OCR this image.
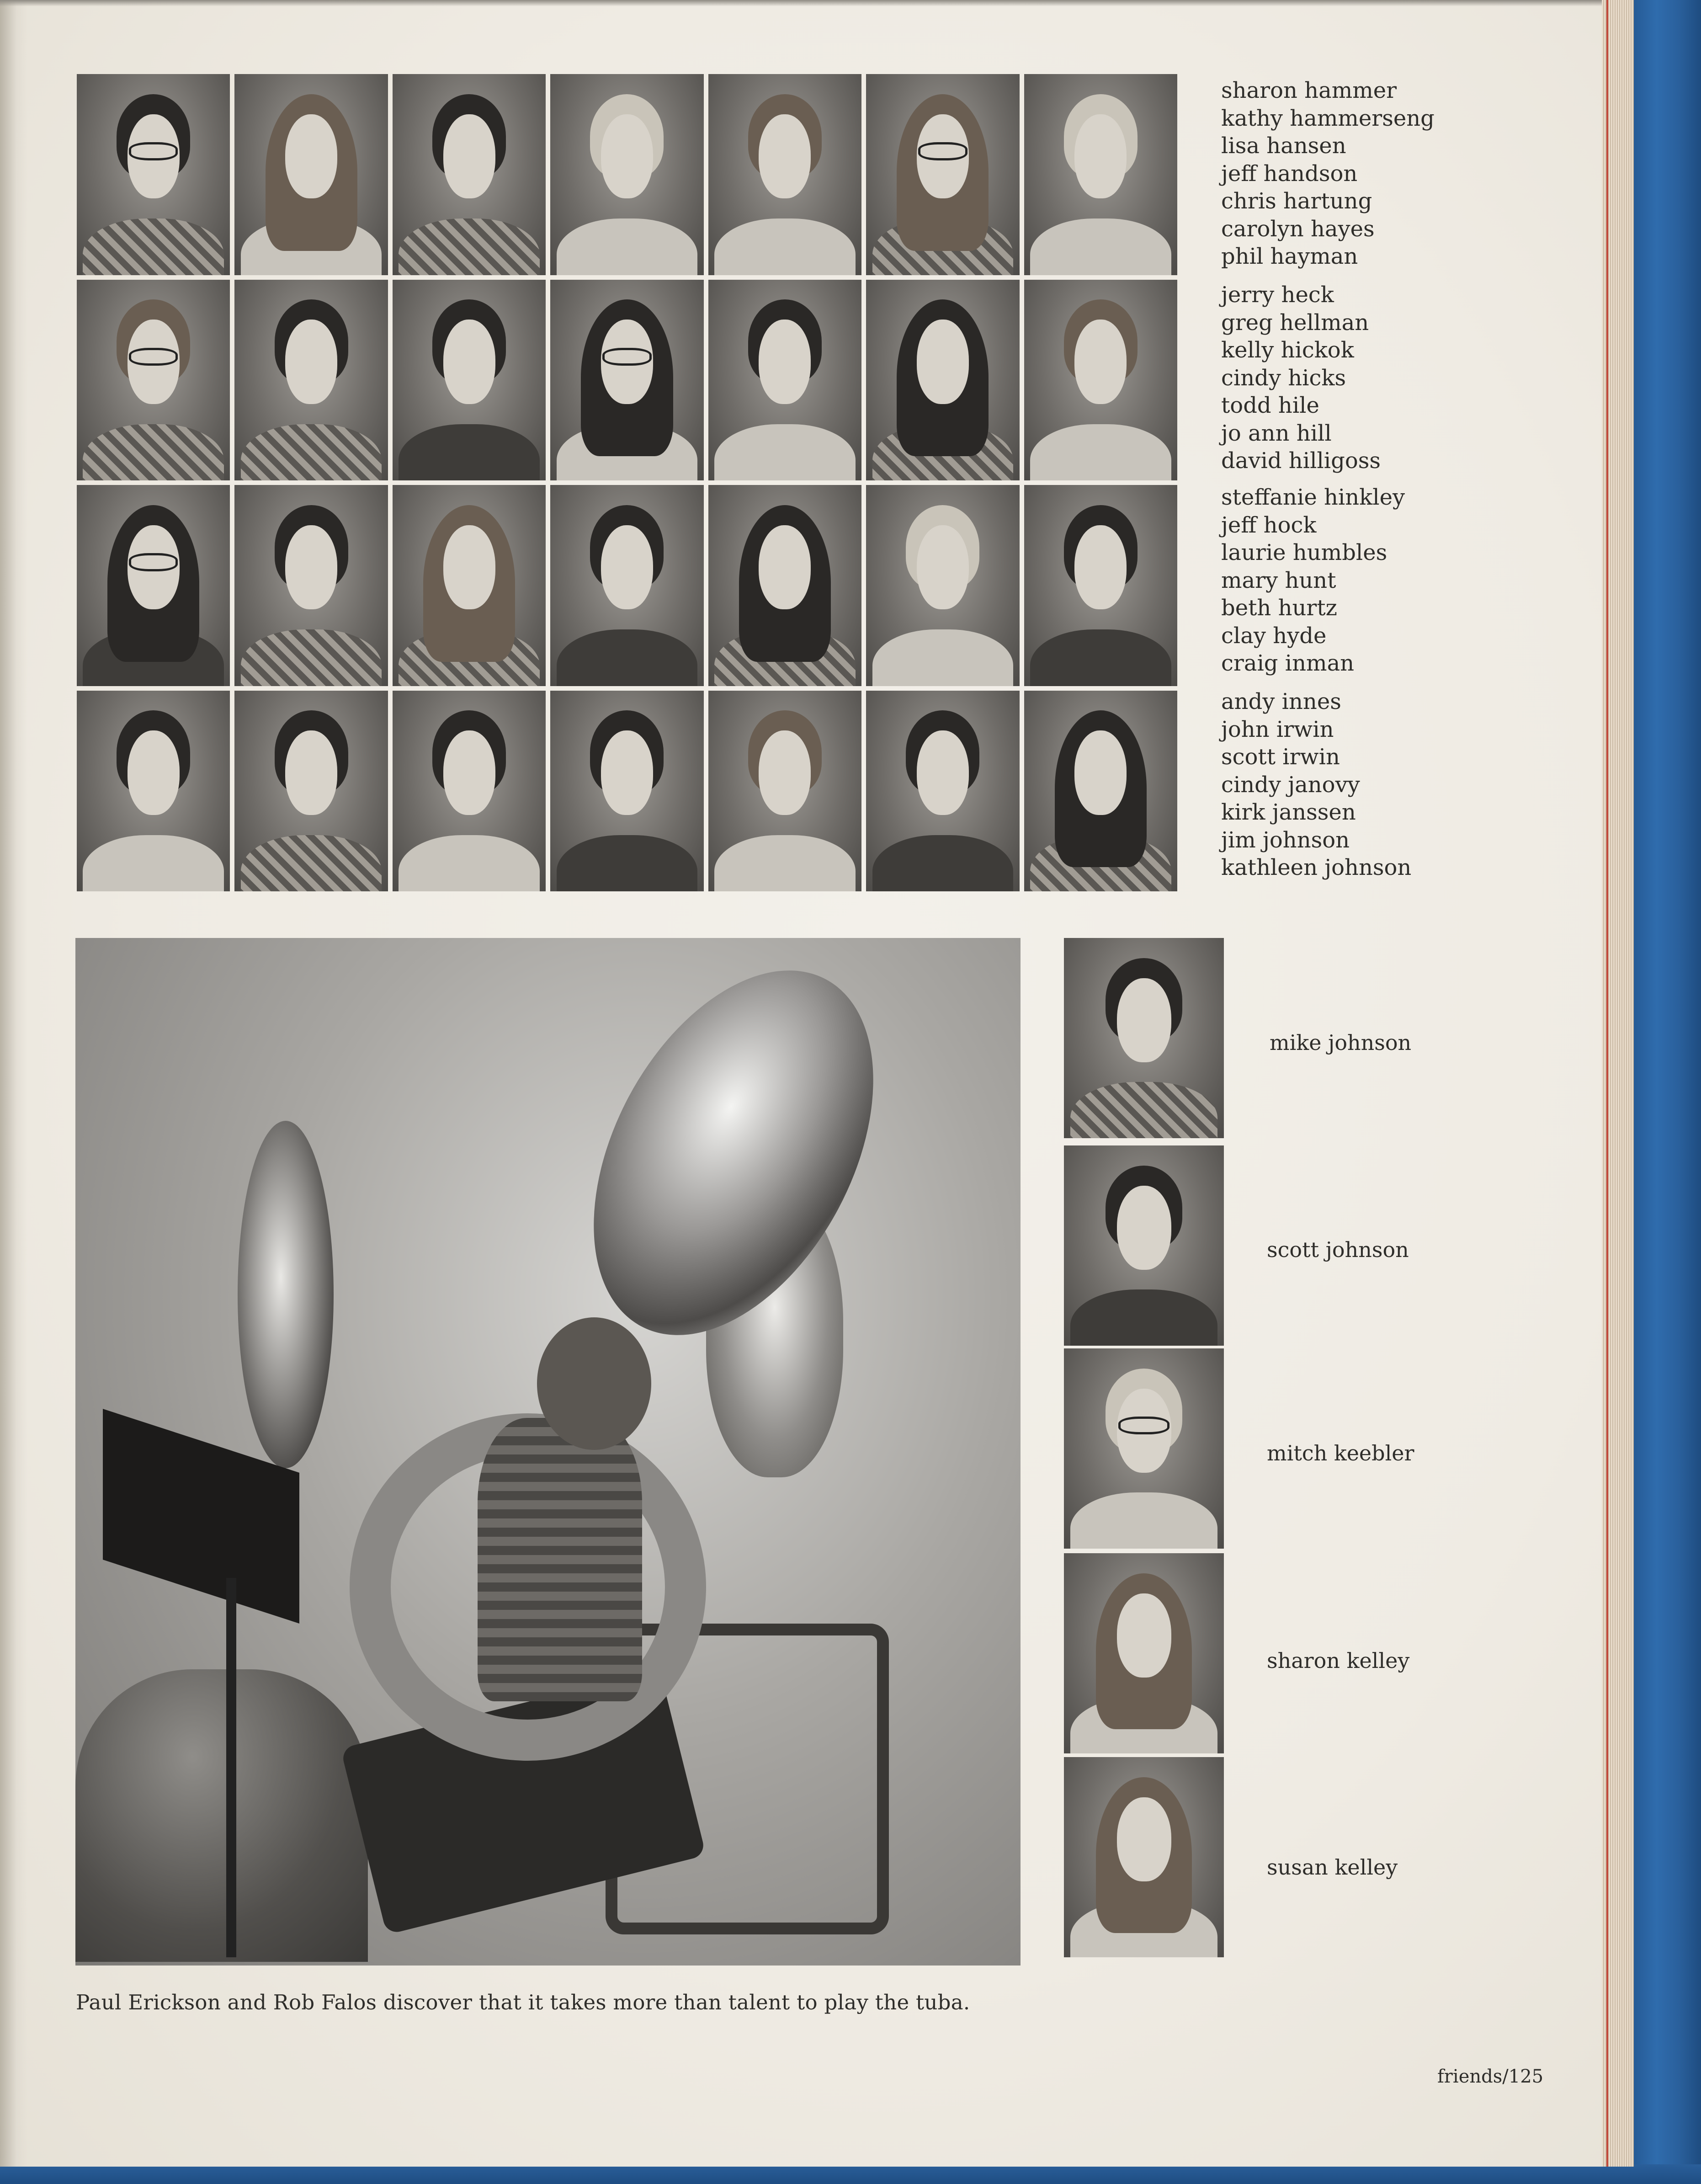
sharon hammer
kathy hammerseng
lisa hansen
jeff handson
chris hartung
carolyn hayes
phil hayman
jerry heck
greg hellman
kelly hickok
cindy hicks
todd hile
jo ann hill
david hilligoss
steffanie hinkley
jeff hock
laurie humbles
mary hunt
beth hurtz
clay hyde
craig inman
andy innes
john irwin
scott irwin
cindy janovy
kirk janssen
jim johnson
kathleen johnson
mike johnson
scott johnson
mitch keebler
sharon kelley
susan kelley
Paul Erickson and Rob Falos discover that it takes more than talent to play the tuba.
friends/125
